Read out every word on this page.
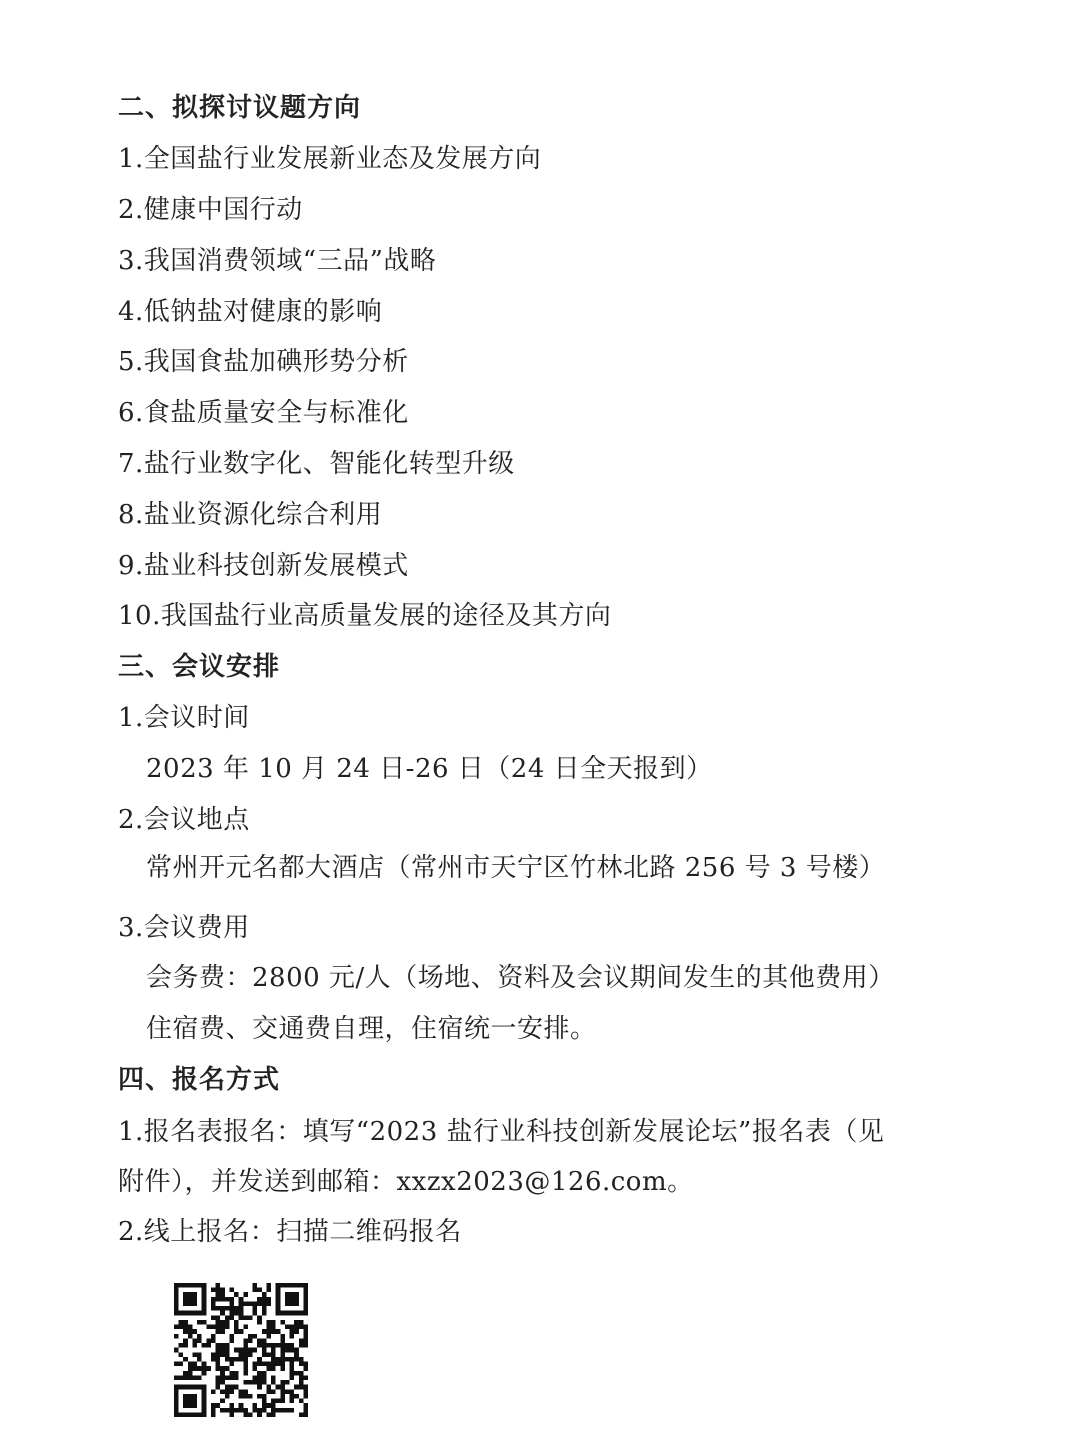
二、拟探讨议题方向
1.全国盐行业发展新业态及发展方向
2.健康中国行动
3.我国消费领域“三品”战略
4.低钠盐对健康的影响
5.我国食盐加碘形势分析
6.食盐质量安全与标准化
7.盐行业数字化、智能化转型升级
8.盐业资源化综合利用
9.盐业科技创新发展模式
10.我国盐行业高质量发展的途径及其方向
三、会议安排
1.会议时间
2023 年 10 月 24 日-26 日（24 日全天报到）
2.会议地点
常州开元名都大酒店（常州市天宁区竹林北路 256 号 3 号楼）
3.会议费用
会务费：2800 元/人（场地、资料及会议期间发生的其他费用）
住宿费、交通费自理，住宿统一安排。
四、报名方式
1.报名表报名：填写“2023 盐行业科技创新发展论坛”报名表（见
附件），并发送到邮箱：xxzx2023@126.com。
2.线上报名：扫描二维码报名
